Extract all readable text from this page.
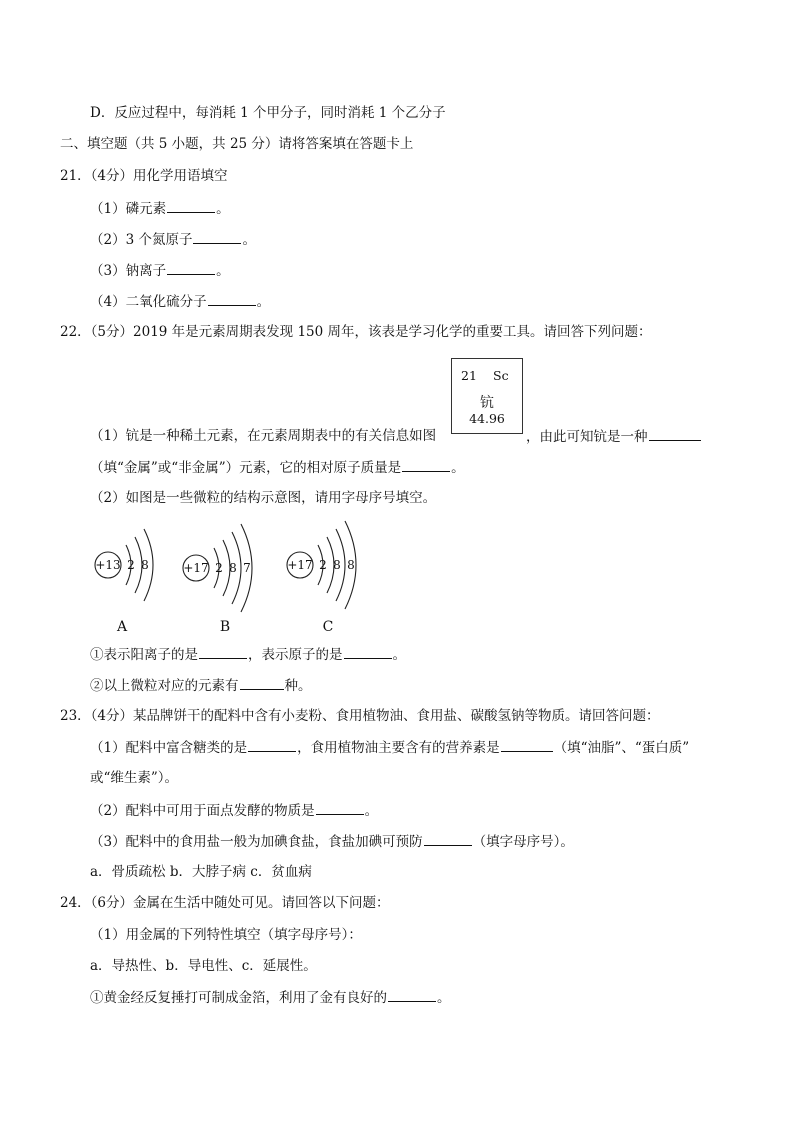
D．反应过程中，每消耗 1 个甲分子，同时消耗 1 个乙分子
二、填空题（共 5 小题，共 25 分）请将答案填在答题卡上
21．（4分）用化学用语填空
（1）磷元素	。
（2）3 个氮原子	。
（3）钠离子	。
（4）二氧化硫分子	。
22．（5分）2019 年是元素周期表发现 150 周年，该表是学习化学的重要工具。请回答下列问题：
21 Sc
钪
44.96
（1）钪是一种稀土元素，在元素周期表中的有关信息如图	，由此可知钪是一种
（填“金属”或“非金属”）元素，它的相对原子质量是	。
（2）如图是一些微粒的结构示意图，请用字母序号填空。
+13 2 8	+17 2 8 7	+17 2 8 8
A	B	C
①表示阳离子的是	，表示原子的是	。
②以上微粒对应的元素有	种。
23．（4分）某品牌饼干的配料中含有小麦粉、食用植物油、食用盐、碳酸氢钠等物质。请回答问题：
（1）配料中富含糖类的是	，食用植物油主要含有的营养素是	（填“油脂”、“蛋白质”
或“维生素”）。
（2）配料中可用于面点发酵的物质是	。
（3）配料中的食用盐一般为加碘食盐，食盐加碘可预防	（填字母序号）。
a．骨质疏松 b．大脖子病 c．贫血病
24．（6分）金属在生活中随处可见。请回答以下问题：
（1）用金属的下列特性填空（填字母序号）：
a．导热性、b．导电性、c．延展性。
①黄金经反复捶打可制成金箔，利用了金有良好的	。
